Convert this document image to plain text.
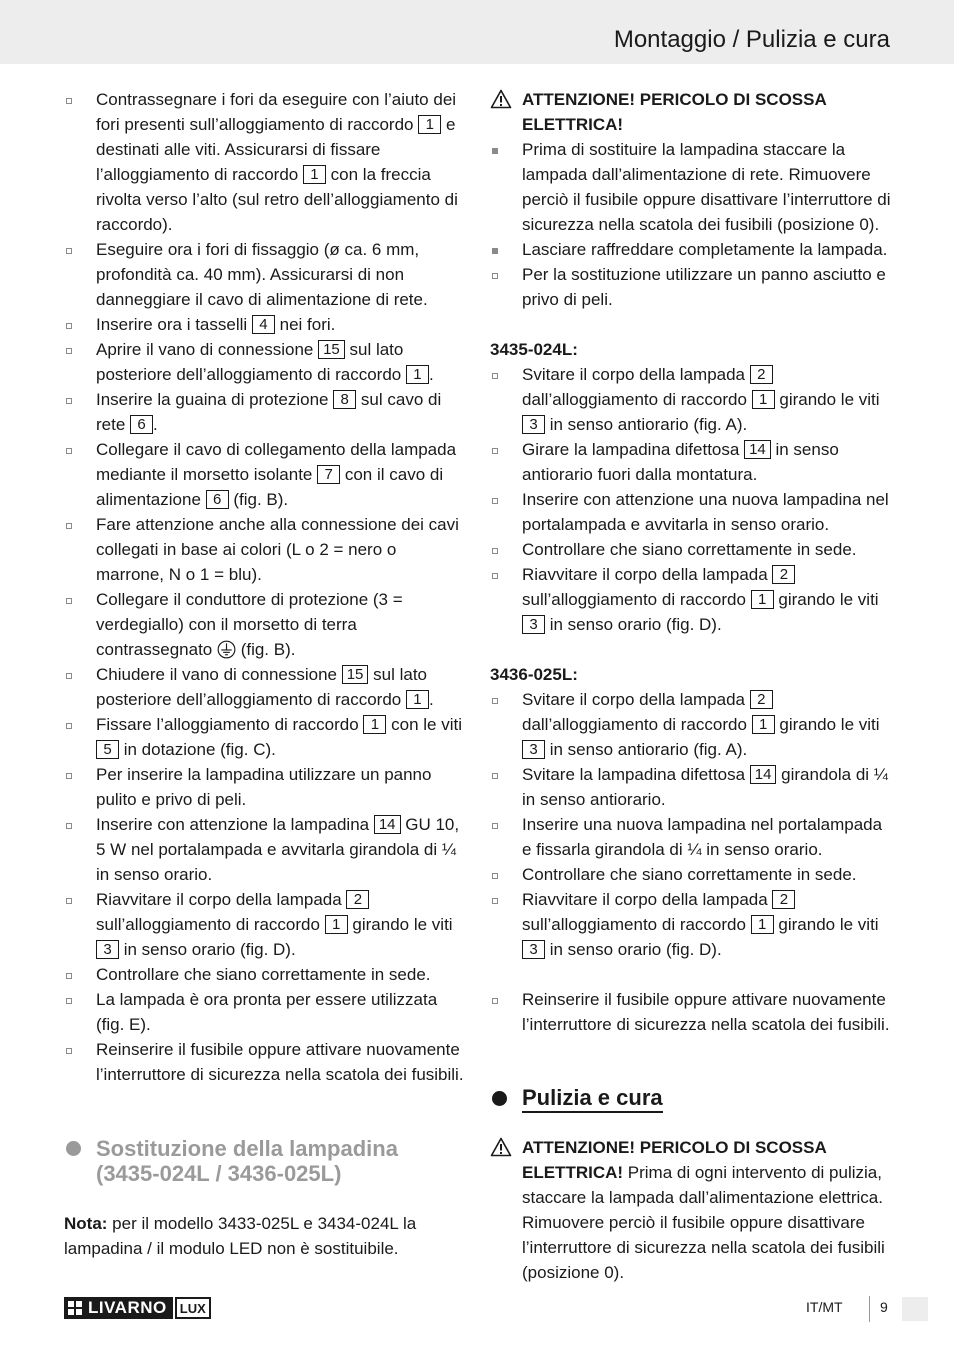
Montaggio / Pulizia e cura
Contrassegnare i fori da eseguire con l’aiuto dei fori presenti sull’alloggiamento di raccordo 1 e destinati alle viti. Assicurarsi di fissare l’alloggiamento di raccordo 1 con la freccia rivolta verso l’alto (sul retro dell’alloggiamento di raccordo).
Eseguire ora i fori di fissaggio (ø ca. 6 mm, profondità ca. 40 mm). Assicurarsi di non danneggiare il cavo di alimentazione di rete.
Inserire ora i tasselli 4 nei fori.
Aprire il vano di connessione 15 sul lato posteriore dell’alloggiamento di raccordo 1 .
Inserire la guaina di protezione 8 sul cavo di rete 6 .
Collegare il cavo di collegamento della lampada mediante il morsetto isolante 7 con il cavo di alimentazione 6 (fig. B).
Fare attenzione anche alla connessione dei cavi collegati in base ai colori (L o 2 = nero o marrone, N o 1 = blu).
Collegare il conduttore di protezione (3 = verdegiallo) con il morsetto di terra contrassegnato  (fig. B).
Chiudere il vano di connessione 15 sul lato posteriore dell’alloggiamento di raccordo 1 .
Fissare l’alloggiamento di raccordo 1 con le viti 5 in dotazione (fig. C).
Per inserire la lampadina utilizzare un panno pulito e privo di peli.
Inserire con attenzione la lampadina 14 GU 10, 5 W nel portalampada e avvitarla girandola di ¼ in senso orario.
Riavvitare il corpo della lampada 2 sull’alloggiamento di raccordo 1 girando le viti 3 in senso orario (fig. D).
Controllare che siano correttamente in sede.
La lampada è ora pronta per essere utilizzata (fig. E).
Reinserire il fusibile oppure attivare nuovamente l’interruttore di sicurezza nella scatola dei fusibili.
Sostituzione della lampadina (3435-024L / 3436-025L)
Nota: per il modello 3433-025L e 3434-024L la lampadina / il modulo LED non è sostituibile.
ATTENZIONE! PERICOLO DI SCOSSA ELETTRICA!
Prima di sostituire la lampadina staccare la lampada dall’alimentazione di rete. Rimuovere perciò il fusibile oppure disattivare l’interruttore di sicurezza nella scatola dei fusibili (posizione 0).
Lasciare raffreddare completamente la lampada.
Per la sostituzione utilizzare un panno asciutto e privo di peli.

3435-024L:

Svitare il corpo della lampada 2 dall’alloggiamento di raccordo 1 girando le viti 3 in senso antiorario (fig. A).
Girare la lampadina difettosa 14 in senso antiorario fuori dalla montatura.
Inserire con attenzione una nuova lampadina nel portalampada e avvitarla in senso orario.
Controllare che siano correttamente in sede.
Riavvitare il corpo della lampada 2 sull’alloggiamento di raccordo 1 girando le viti 3 in senso orario (fig. D).

3436-025L:

Svitare il corpo della lampada 2 dall’alloggiamento di raccordo 1 girando le viti 3 in senso antiorario (fig. A).
Svitare la lampadina difettosa 14 girandola di ¼ in senso antiorario.
Inserire una nuova lampadina nel portalampada e fissarla girandola di ¼ in senso orario.
Controllare che siano correttamente in sede.
Riavvitare il corpo della lampada 2 sull’alloggiamento di raccordo 1 girando le viti 3 in senso orario (fig. D).
Reinserire il fusibile oppure attivare nuovamente l’interruttore di sicurezza nella scatola dei fusibili.
Pulizia e cura
ATTENZIONE! PERICOLO DI SCOSSA ELETTRICA! Prima di ogni intervento di pulizia, staccare la lampada dall’alimentazione elettrica. Rimuovere perciò il fusibile oppure disattivare l’interruttore di sicurezza nella scatola dei fusibili (posizione 0).
LIVARNO	LUX	IT/MT	9
